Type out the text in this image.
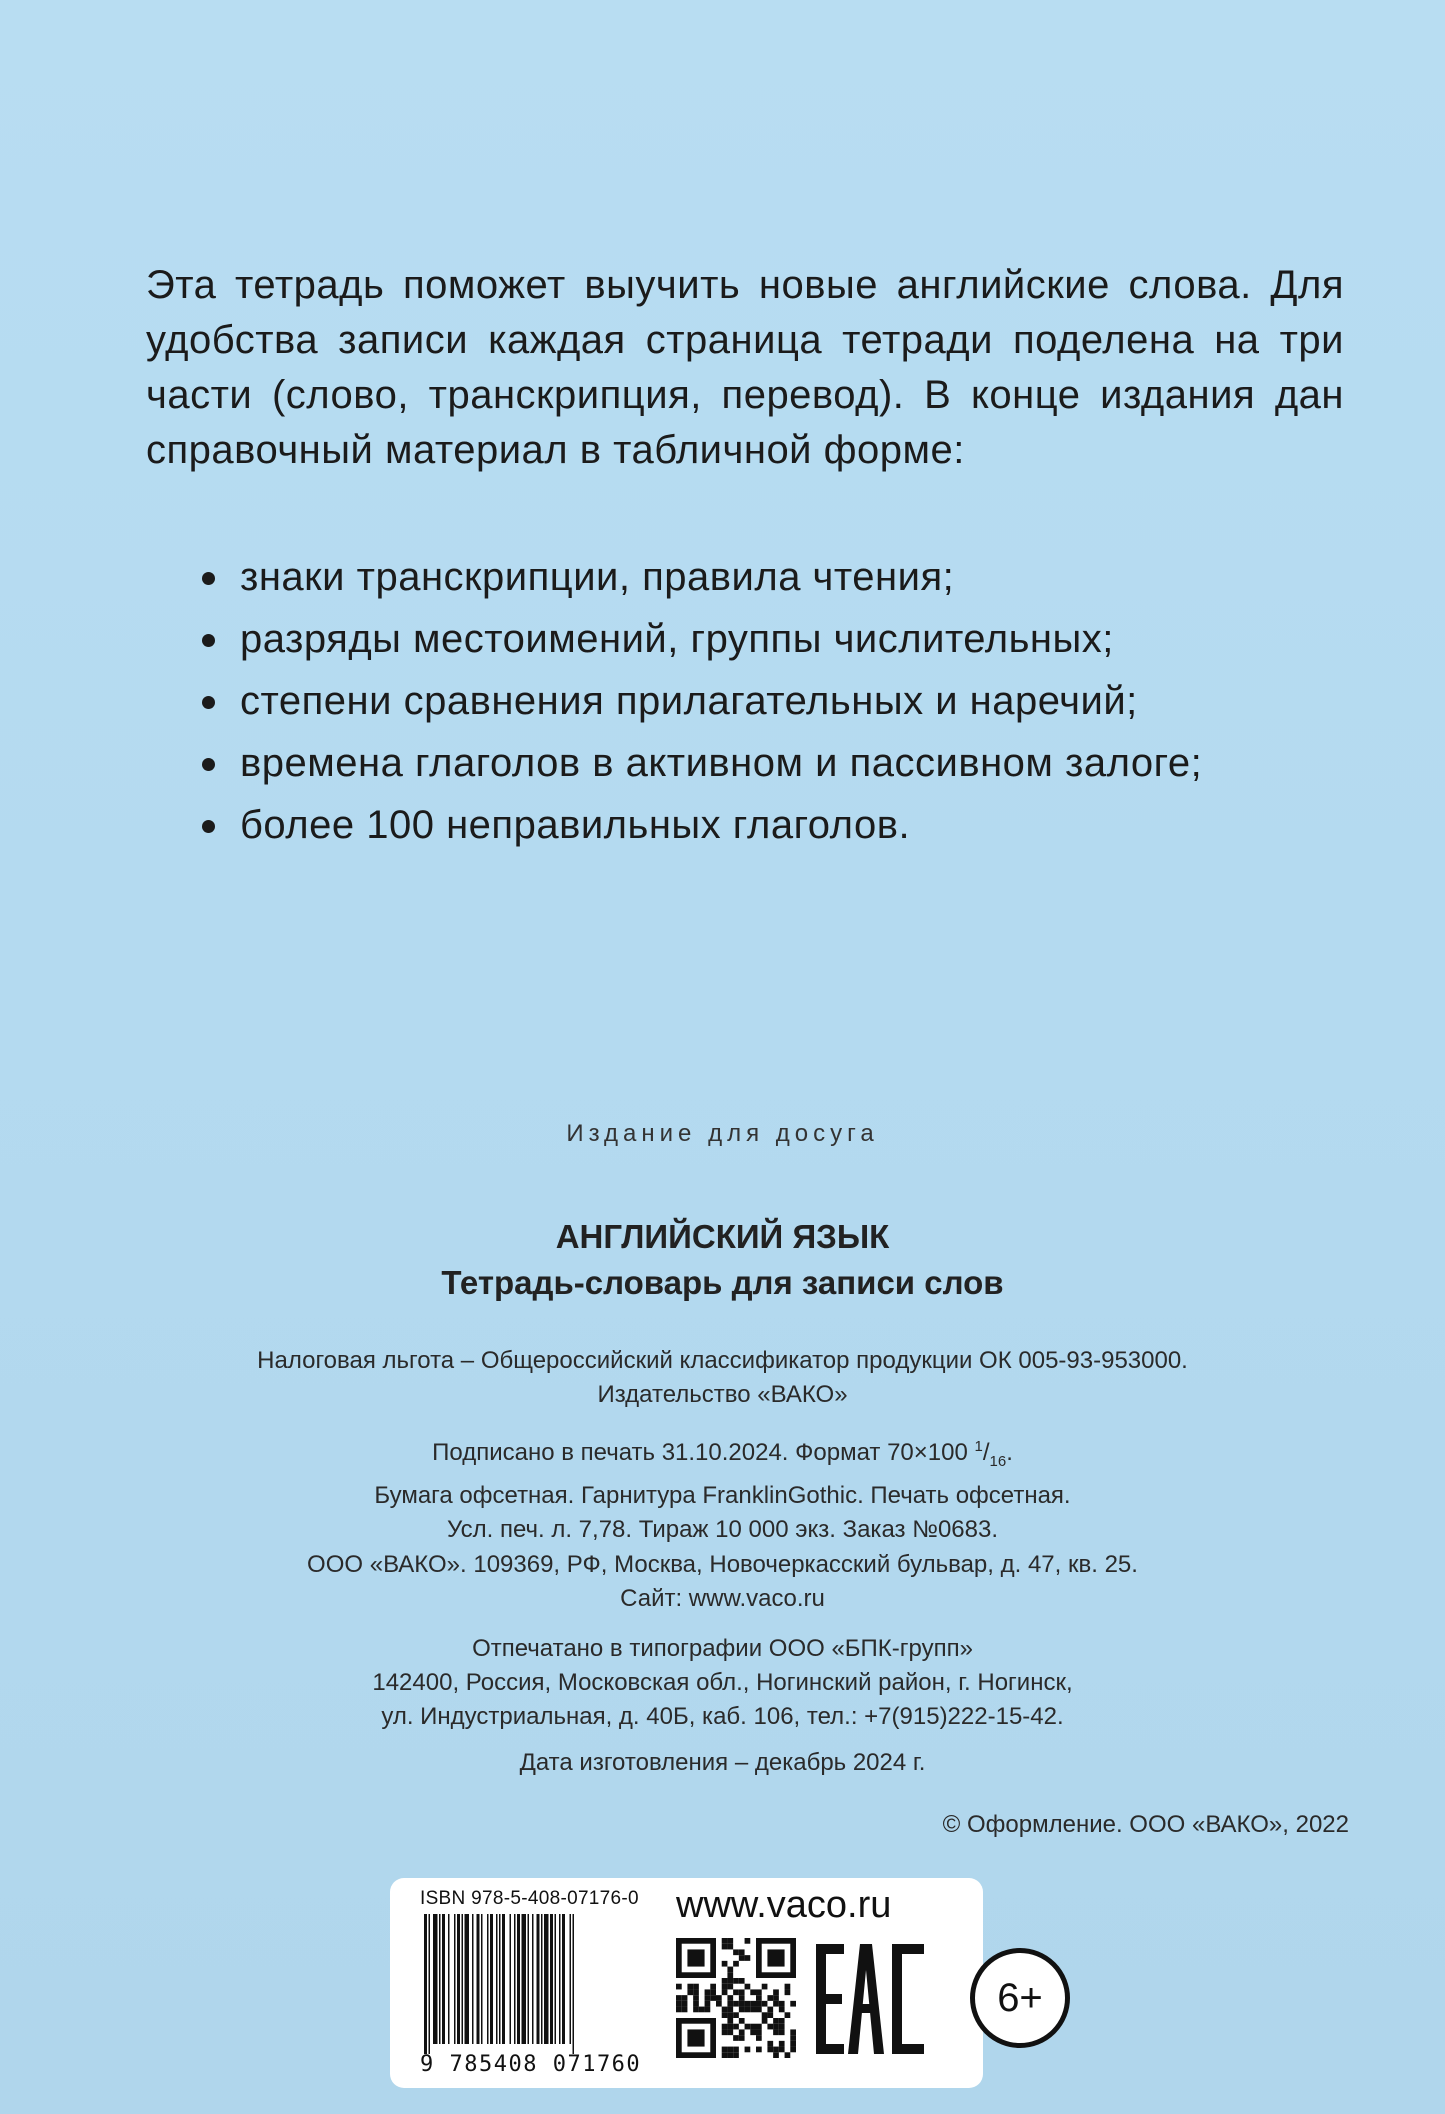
Эта тетрадь поможет выучить новые английские слова. Для удобства записи каждая страница тетради поделена на три части (слово, транскрипция, перевод). В конце издания дан справочный материал в табличной форме:

знаки транскрипции, правила чтения;
разряды местоимений, группы числительных;
степени сравнения прилагательных и наречий;
времена глаголов в активном и пассивном залоге;
более 100 неправильных глаголов.
Издание для досуга
АНГЛИЙСКИЙ ЯЗЫК
Тетрадь-словарь для записи слов

Налоговая льгота – Общероссийский классификатор продукции ОК 005-93-953000.

Издательство «ВАКО»

Подписано в печать 31.10.2024. Формат 70×100 $^1/_{16}$.

Бумага офсетная. Гарнитура FranklinGothic. Печать офсетная.

Усл. печ. л. 7,78. Тираж 10 000 экз. Заказ №0683.

ООО «ВАКО». 109369, РФ, Москва, Новочеркасский бульвар, д. 47, кв. 25.

Сайт: www.vaco.ru

Отпечатано в типографии ООО «БПК-групп»

142400, Россия, Московская обл., Ногинский район, г. Ногинск,

ул. Индустриальная, д. 40Б, каб. 106, тел.: +7(915)222-15-42.

Дата изготовления – декабрь 2024 г.
© Оформление. ООО «ВАКО», 2022
ISBN 978-5-408-07176-0
9 785408 071760
www.vaco.ru
6+
